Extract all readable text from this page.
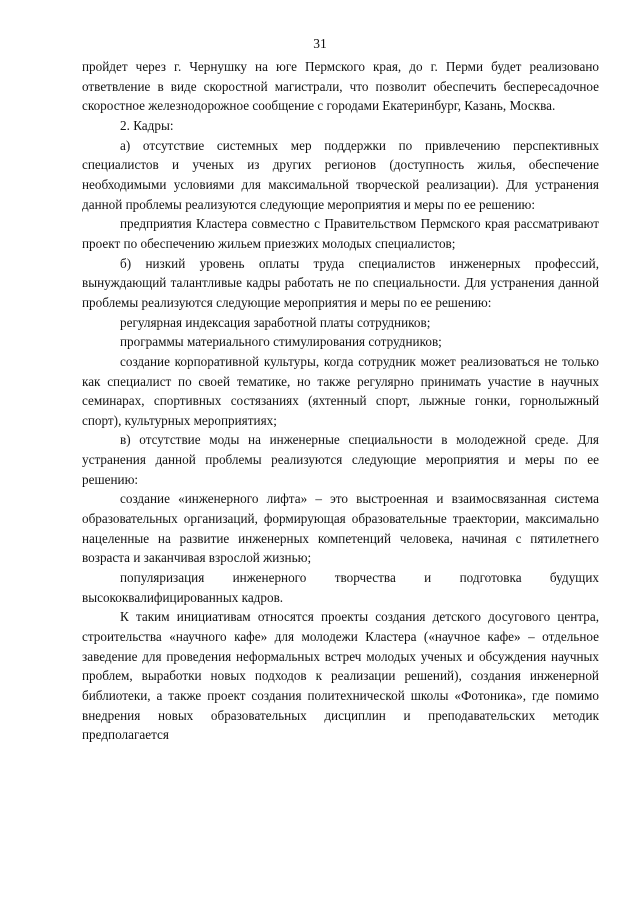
31

пройдет через г. Чернушку на юге Пермского края, до г. Перми будет реализовано ответвление в виде скоростной магистрали, что позволит обеспечить беспересадочное скоростное железнодорожное сообщение с городами Екатеринбург, Казань, Москва.

2. Кадры:

а) отсутствие системных мер поддержки по привлечению перспективных специалистов и ученых из других регионов (доступность жилья, обеспечение необходимыми условиями для максимальной творческой реализации). Для устранения данной проблемы реализуются следующие мероприятия и меры по ее решению:

предприятия Кластера совместно с Правительством Пермского края рассматривают проект по обеспечению жильем приезжих молодых специалистов;

б) низкий уровень оплаты труда специалистов инженерных профессий, вынуждающий талантливые кадры работать не по специальности. Для устранения данной проблемы реализуются следующие мероприятия и меры по ее решению:

регулярная индексация заработной платы сотрудников;

программы материального стимулирования сотрудников;

создание корпоративной культуры, когда сотрудник может реализоваться не только как специалист по своей тематике, но также регулярно принимать участие в научных семинарах, спортивных состязаниях (яхтенный спорт, лыжные гонки, горнолыжный спорт), культурных мероприятиях;

в) отсутствие моды на инженерные специальности в молодежной среде. Для устранения данной проблемы реализуются следующие мероприятия и меры по ее решению:

создание «инженерного лифта» – это выстроенная и взаимосвязанная система образовательных организаций, формирующая образовательные траектории, максимально нацеленные на развитие инженерных компетенций человека, начиная с пятилетнего возраста и заканчивая взрослой жизнью;

популяризация инженерного творчества и подготовка будущих высококвалифицированных кадров.

К таким инициативам относятся проекты создания детского досугового центра, строительства «научного кафе» для молодежи Кластера («научное кафе» – отдельное заведение для проведения неформальных встреч молодых ученых и обсуждения научных проблем, выработки новых подходов к реализации решений), создания инженерной библиотеки, а также проект создания политехнической школы «Фотоника», где помимо внедрения новых образовательных дисциплин и преподавательских методик предполагается
